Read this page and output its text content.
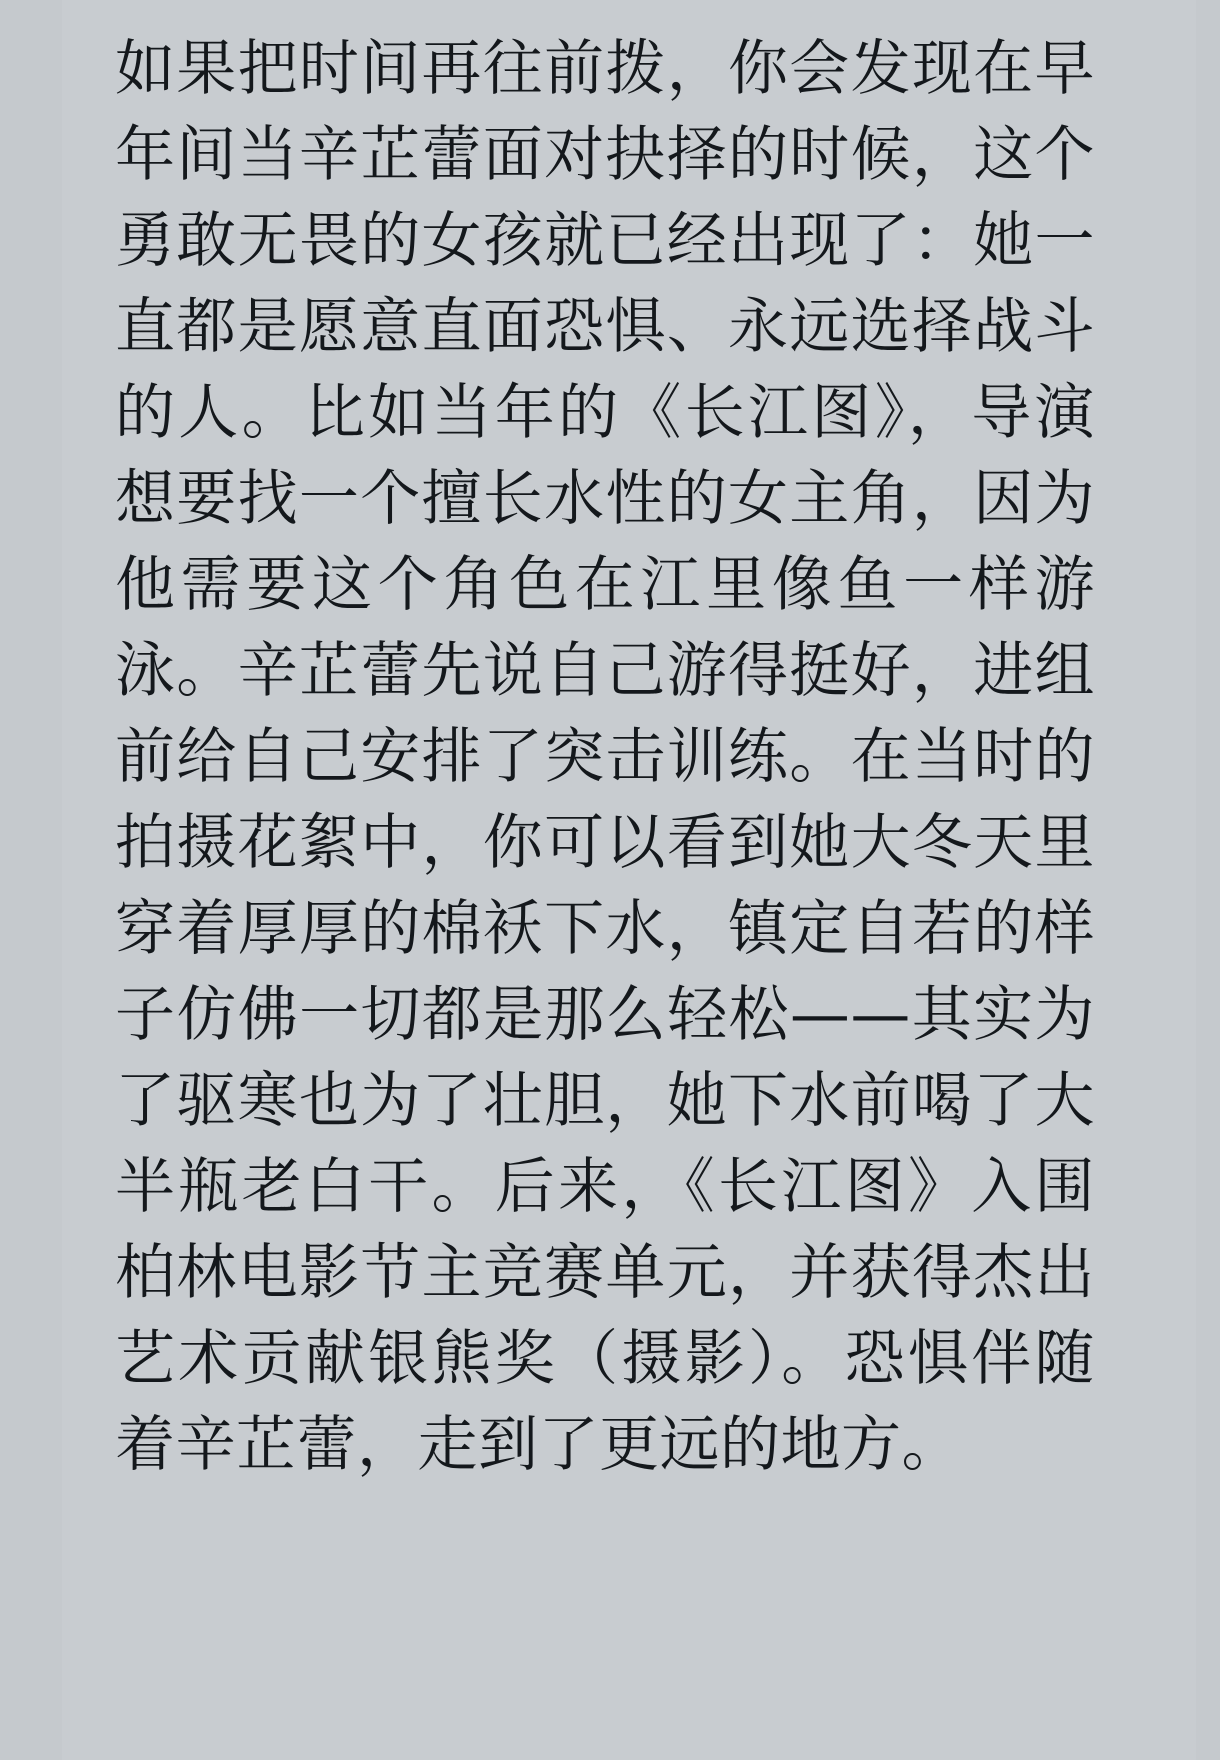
如果把时间再往前拨，你会发现在早年间当辛芷蕾面对抉择的时候，这个勇敢无畏的女孩就已经出现了：她一直都是愿意直面恐惧、永远选择战斗的人。比如当年的《长江图》，导演想要找一个擅长水性的女主角，因为他需要这个角色在江里像鱼一样游泳。辛芷蕾先说自己游得挺好，进组前给自己安排了突击训练。在当时的拍摄花絮中，你可以看到她大冬天里穿着厚厚的棉袄下水，镇定自若的样子仿佛一切都是那么轻松——其实为了驱寒也为了壮胆，她下水前喝了大半瓶老白干。后来，《长江图》入围柏林电影节主竞赛单元，并获得杰出艺术贡献银熊奖（摄影）。恐惧伴随着辛芷蕾，走到了更远的地方。
